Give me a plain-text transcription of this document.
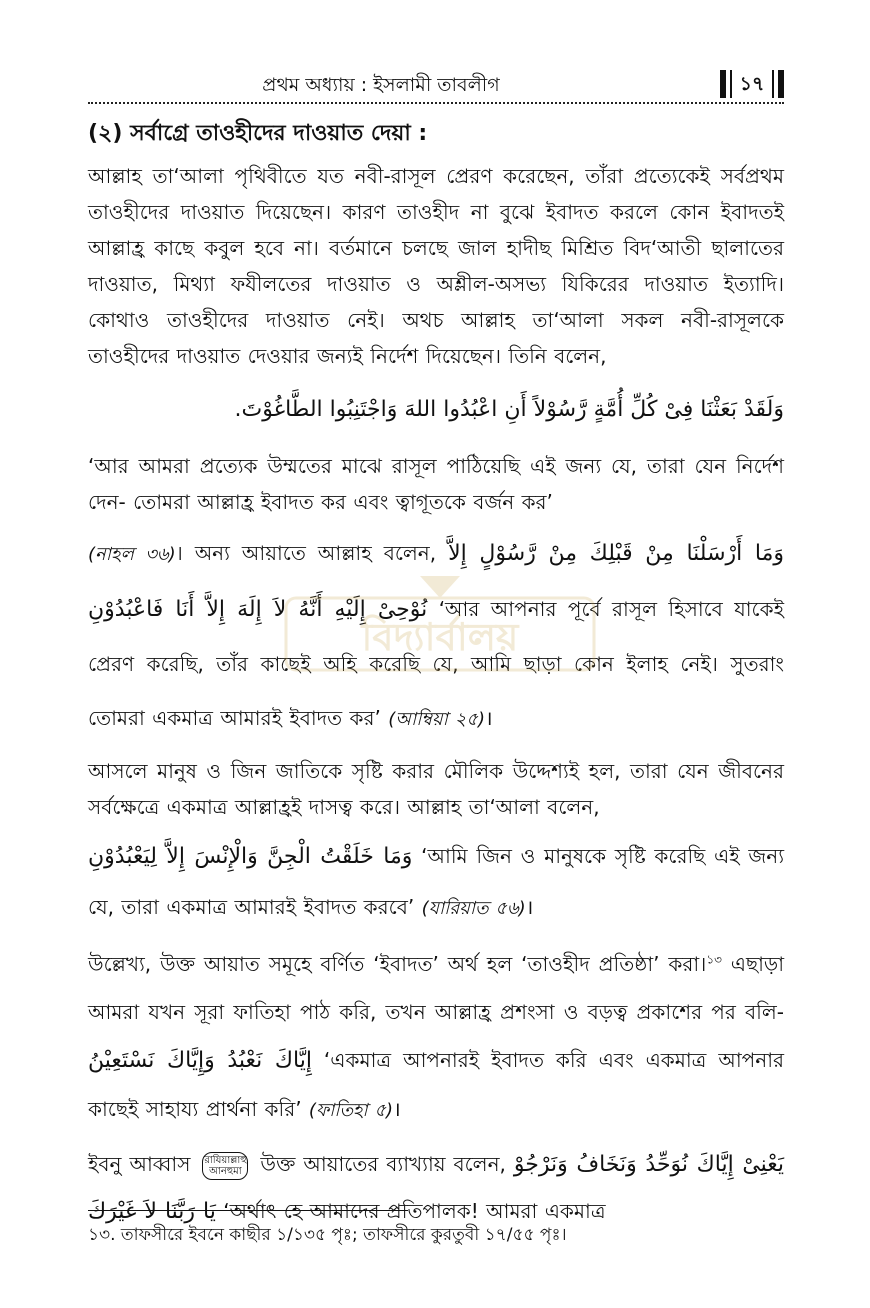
প্রথম অধ্যায় : ইসলামী তাবলীগ	১৭
(২) সর্বাগ্রে তাওহীদের দাওয়াত দেয়া :

আল্লাহ তা‘আলা পৃথিবীতে যত নবী-রাসূল প্রেরণ করেছেন, তাঁরা প্রত্যেকেই সর্বপ্রথম তাওহীদের দাওয়াত দিয়েছেন। কারণ তাওহীদ না বুঝে ইবাদত করলে কোন ইবাদতই আল্লাহ্র কাছে কবুল হবে না। বর্তমানে চলছে জাল হাদীছ মিশ্রিত বিদ‘আতী ছালাতের দাওয়াত, মিথ্যা ফযীলতের দাওয়াত ও অশ্লীল-অসভ্য যিকিরের দাওয়াত ইত্যাদি। কোথাও তাওহীদের দাওয়াত নেই। অথচ আল্লাহ তা‘আলা সকল নবী-রাসূলকে তাওহীদের দাওয়াত দেওয়ার জন্যই নির্দেশ দিয়েছেন। তিনি বলেন,

وَلَقَدْ بَعَثْنَا فِىْ كُلِّ أُمَّةٍ رَّسُوْلاً أَنِ اعْبُدُوا اللهَ وَاجْتَنِبُوا الطَّاغُوْتَ.

‘আর আমরা প্রত্যেক উম্মতের মাঝে রাসূল পাঠিয়েছি এই জন্য যে, তারা যেন নির্দেশ দেন- তোমরা আল্লাহ্র ইবাদত কর এবং ত্বাগূতকে বর্জন কর’

(নাহল ৩৬)। অন্য আয়াতে আল্লাহ বলেন, وَمَا أَرْسَلْنَا مِنْ قَبْلِكَ مِنْ رَّسُوْلٍ إِلاَّ نُوْحِىْ إِلَيْهِ أَنَّهُ لاَ إِلَهَ إِلاَّ أَنَا فَاعْبُدُوْنِ ‘আর আপনার পূর্বে রাসূল হিসাবে যাকেই প্রেরণ করেছি, তাঁর কাছেই অহি করেছি যে, আমি ছাড়া কোন ইলাহ নেই। সুতরাং তোমরা একমাত্র আমারই ইবাদত কর’ (আম্বিয়া ২৫)।

আসলে মানুষ ও জিন জাতিকে সৃষ্টি করার মৌলিক উদ্দেশ্যই হল, তারা যেন জীবনের সর্বক্ষেত্রে একমাত্র আল্লাহ্রই দাসত্ব করে। আল্লাহ তা‘আলা বলেন,

وَمَا خَلَقْتُ الْجِنَّ وَالْإِنْسَ إِلاَّ لِيَعْبُدُوْنِ ‘আমি জিন ও মানুষকে সৃষ্টি করেছি এই জন্য যে, তারা একমাত্র আমারই ইবাদত করবে’ (যারিয়াত ৫৬)।

উল্লেখ্য, উক্ত আয়াত সমূহে বর্ণিত ‘ইবাদত’ অর্থ হল ‘তাওহীদ প্রতিষ্ঠা’ করা।$^{১৩}$ এছাড়া আমরা যখন সূরা ফাতিহা পাঠ করি, তখন আল্লাহ্র প্রশংসা ও বড়ত্ব প্রকাশের পর বলি- إِيَّاكَ نَعْبُدُ وَإِيَّاكَ نَسْتَعِيْنُ ‘একমাত্র আপনারই ইবাদত করি এবং একমাত্র আপনার কাছেই সাহায্য প্রার্থনা করি’ (ফাতিহা ৫)।

ইবনু আব্বাস রাযিয়াল্লাহু আনহুমা উক্ত আয়াতের ব্যাখ্যায় বলেন, يَعْنِىْ إِيَّاكَ نُوَحِّدُ وَنَخَافُ وَنَرْجُوْ يَا رَبَّنَا لاَ غَيْرَكَ ‘অর্থাৎ হে আমাদের প্রতিপালক! আমরা একমাত্র

বিদ্যার্বালয়
১৩. তাফসীরে ইবনে কাছীর ১/১৩৫ পৃঃ; তাফসীরে কুরতুবী ১৭/৫৫ পৃঃ।
